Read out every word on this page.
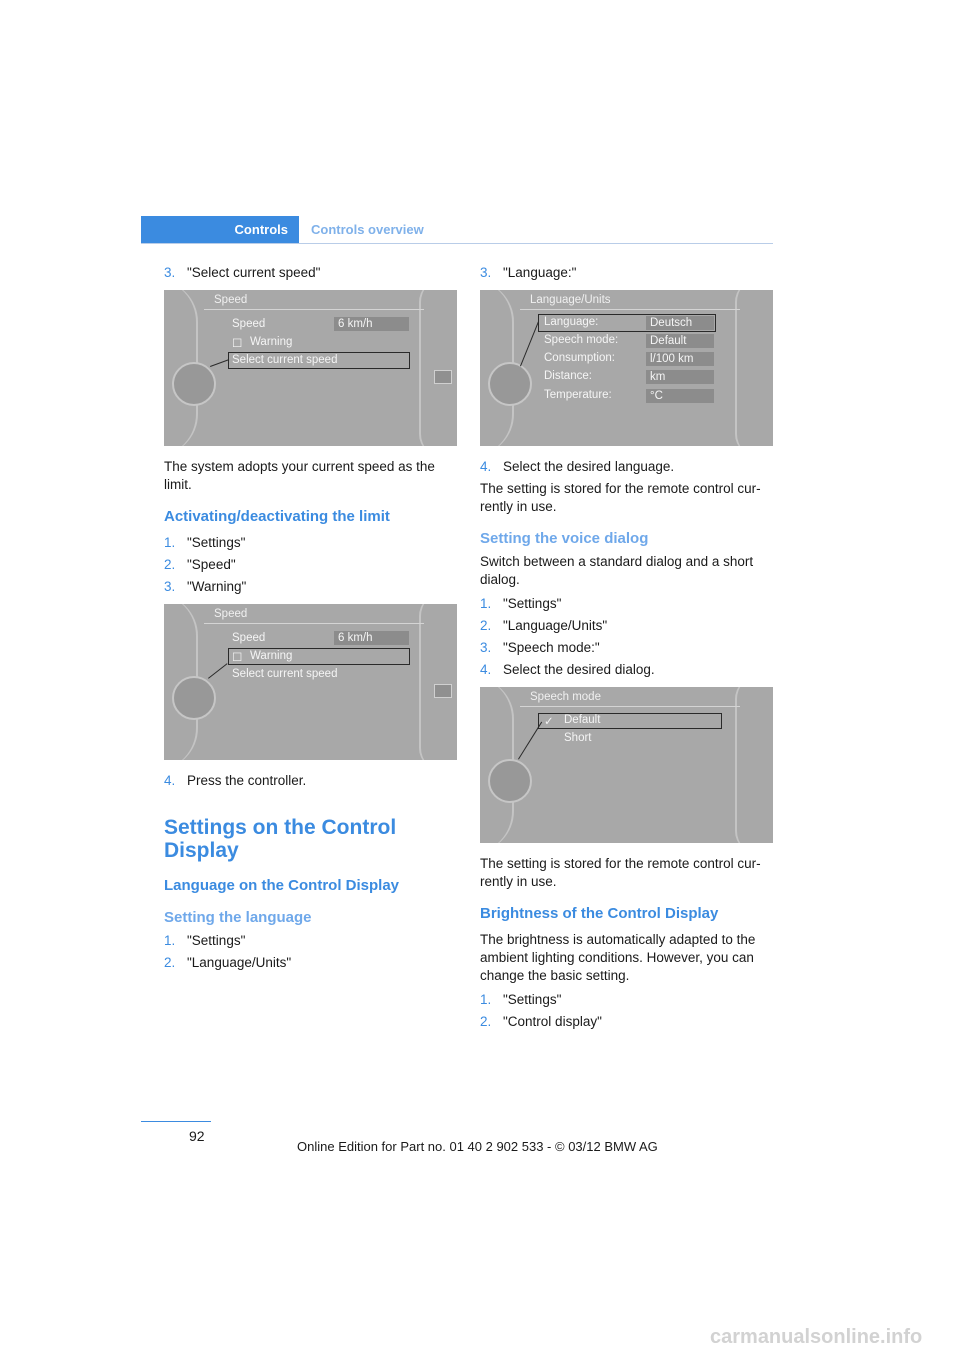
Controls	Controls overview
3. "Select current speed"
Speed
Speed	6 km/h
☐ Warning
Select current speed

The system adopts your current speed as the limit.

Activating/deactivating the limit
1. "Settings"
2. "Speed"
3. "Warning"
Speed
Speed	6 km/h
☐ Warning
Select current speed
4. Press the controller.
Settings on the Control Display
Language on the Control Display
Setting the language
1. "Settings"
2. "Language/Units"
3. "Language:"
Language/Units
Language:	Deutsch
Speech mode:	Default
Consumption:	l/100 km
Distance:	km
Temperature:	°C
4. Select the desired language.

The setting is stored for the remote control cur-rently in use.

Setting the voice dialog

Switch between a standard dialog and a short dialog.

1. "Settings"
2. "Language/Units"
3. "Speech mode:"
4. Select the desired dialog.
Speech mode
✓ Default
Short

The setting is stored for the remote control cur-rently in use.

Brightness of the Control Display

The brightness is automatically adapted to the ambient lighting conditions. However, you can change the basic setting.

1. "Settings"
2. "Control display"
92
Online Edition for Part no. 01 40 2 902 533 - © 03/12 BMW AG
carmanualsonline.info
